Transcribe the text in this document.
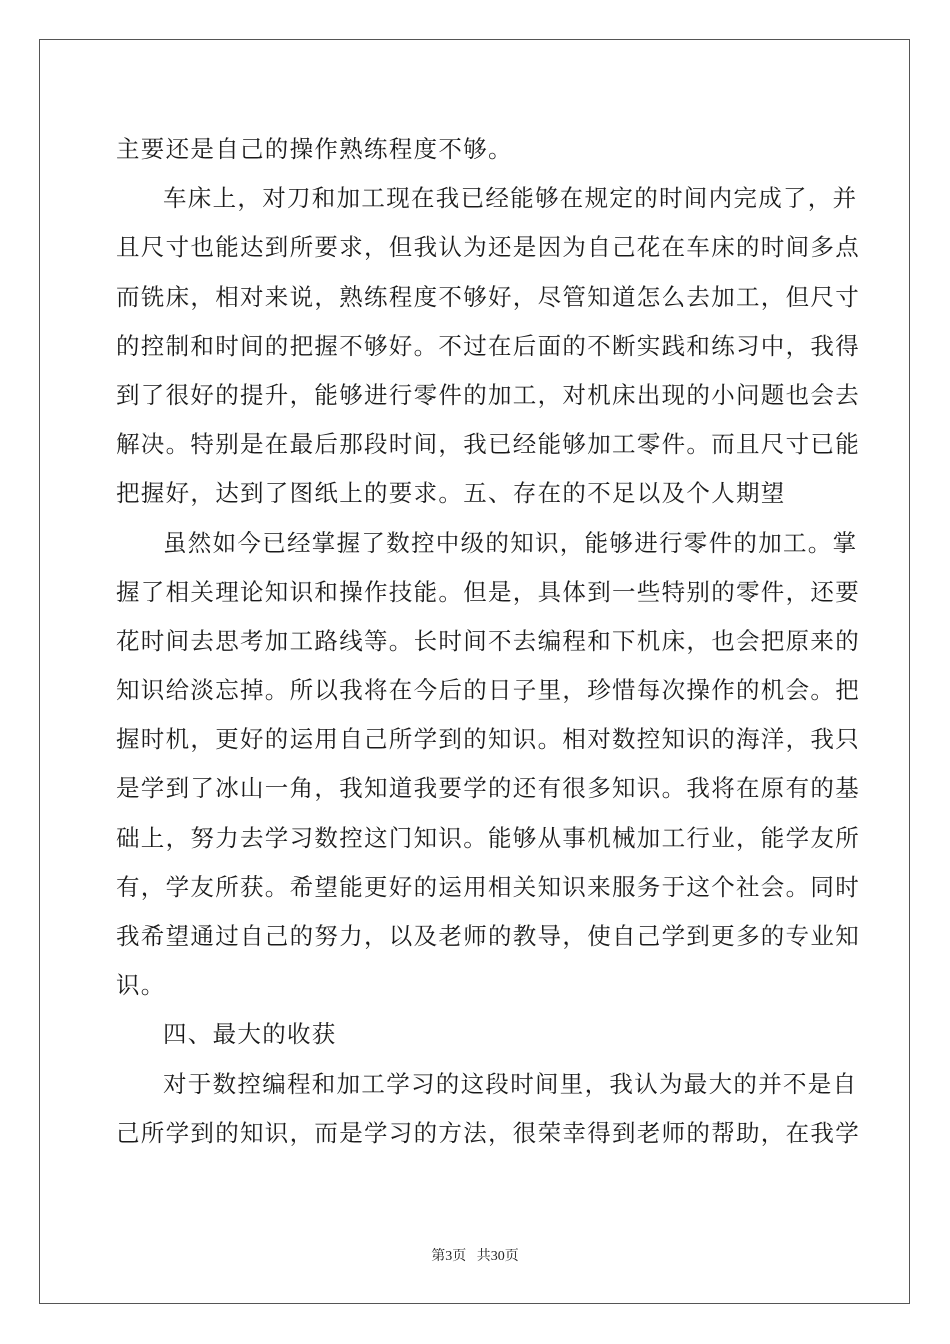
主要还是自己的操作熟练程度不够。
车床上，对刀和加工现在我已经能够在规定的时间内完成了，并
且尺寸也能达到所要求，但我认为还是因为自己花在车床的时间多点
而铣床，相对来说，熟练程度不够好，尽管知道怎么去加工，但尺寸
的控制和时间的把握不够好。不过在后面的不断实践和练习中，我得
到了很好的提升，能够进行零件的加工，对机床出现的小问题也会去
解决。特别是在最后那段时间，我已经能够加工零件。而且尺寸已能
把握好，达到了图纸上的要求。五、存在的不足以及个人期望
虽然如今已经掌握了数控中级的知识，能够进行零件的加工。掌
握了相关理论知识和操作技能。但是，具体到一些特别的零件，还要
花时间去思考加工路线等。长时间不去编程和下机床，也会把原来的
知识给淡忘掉。所以我将在今后的日子里，珍惜每次操作的机会。把
握时机，更好的运用自己所学到的知识。相对数控知识的海洋，我只
是学到了冰山一角，我知道我要学的还有很多知识。我将在原有的基
础上，努力去学习数控这门知识。能够从事机械加工行业，能学友所
有，学友所获。希望能更好的运用相关知识来服务于这个社会。同时
我希望通过自己的努力，以及老师的教导，使自己学到更多的专业知
识。
四、最大的收获
对于数控编程和加工学习的这段时间里，我认为最大的并不是自
己所学到的知识，而是学习的方法，很荣幸得到老师的帮助，在我学
第3页 共30页
